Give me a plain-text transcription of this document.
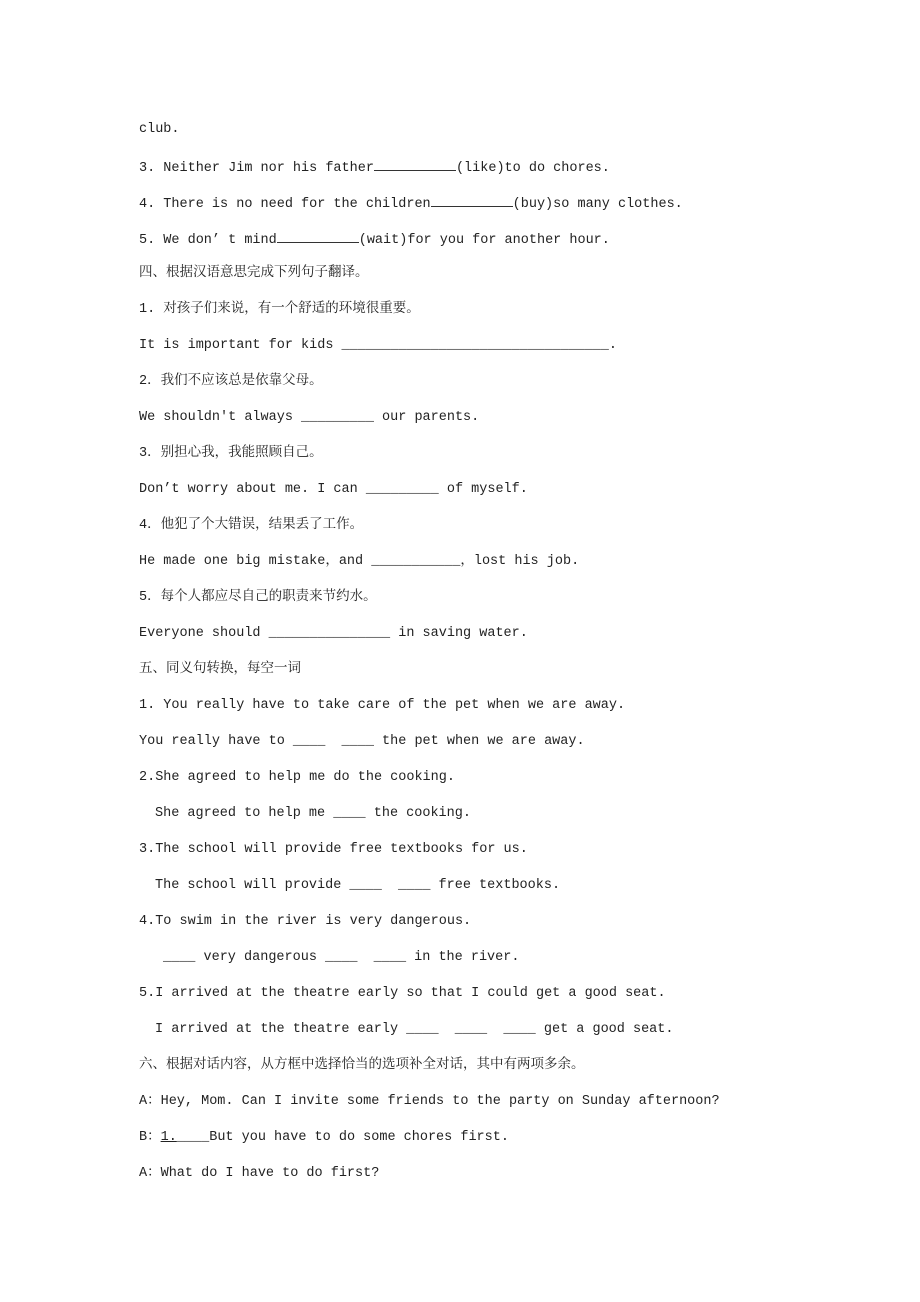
club.
3. Neither Jim nor his father	(like)to do chores.
4. There is no need for the children	(buy)so many clothes.
5. We don’ t mind	(wait)for you for another hour.
四、根据汉语意思完成下列句子翻译。
1. 对孩子们来说，有一个舒适的环境很重要。
It is important for kids _________________________________.
2．我们不应该总是依靠父母。
We shouldn't always _________ our parents.
3．别担心我，我能照顾自己。
Don’t worry about me. I can _________ of myself.
4．他犯了个大错误，结果丢了工作。
He made one big mistake，and ___________，lost his job.
5．每个人都应尽自己的职责来节约水。
Everyone should _______________ in saving water.
五、同义句转换，每空一词
1. You really have to take care of the pet when we are away.
You really have to ____  ____ the pet when we are away.
2.She agreed to help me do the cooking.
She agreed to help me ____ the cooking.
3.The school will provide free textbooks for us.
The school will provide ____  ____ free textbooks.
4.To swim in the river is very dangerous.
____ very dangerous ____  ____ in the river.
5.I arrived at the theatre early so that I could get a good seat.
I arrived at the theatre early ____  ____  ____ get a good seat.
六、根据对话内容，从方框中选择恰当的选项补全对话，其中有两项多余。
A：Hey, Mom. Can I invite some friends to the party on Sunday afternoon?
B：1.____But you have to do some chores first.
A：What do I have to do first?
